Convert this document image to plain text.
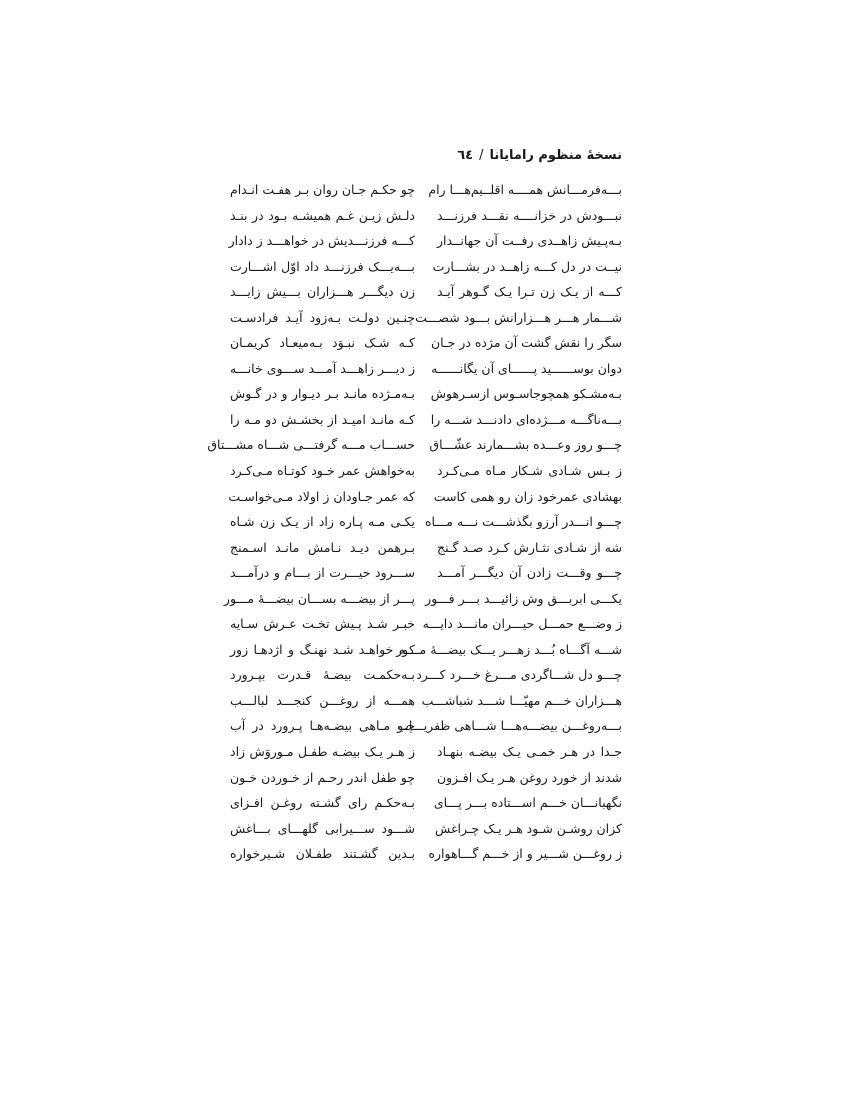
نسخهٔ منظوم رامایانا/٦٤
بـــه‌فرمـــانش همــــه اقلــیم‌هـــا رام
نبـــودش در خزانــــه نقـــد فرزنـــد
بـه‌پـیش زاهــدی رفــت آن جهانــدار
نیــت در دل کـــه زاهــد در بشـــارت
کـــه از یـک زن تـرا یـک گـوهر آیـد
شـــمار هـــر هـــزارانش بـــود شصـــت
سگر را نقش گشت آن مژده در جـان
دوان بوســــــید پــــــای آن یگانــــــه
بـه‌مشـکو همچوجاسـوس ازسـرهوش
بـــه‌ناگـــه مـــژده‌ای دادنـــد شـــه را
چـــو روز وعـــده بشـــمارند عشّـــاق
ز بـس شـادی شـکار مـاه مـی‌کـرد
بهشادی عمرخود زان رو همی کاست
چـــو انـــدر آرزو بگذشـــت نـــه مـــاه
شه از شـادی نثـارش کـرد صـد گـنج
چـــو وقـــت زادن آن دیگـــر آمـــد
یکـــی ابربـــق وش زائیـــد بـــر فـــور
ز وضـــع حمـــل حیـــران مانـــد دایـــه
شـــه آگـــاه بُـــد زهـــر یـــک بیضـــهٔ مـــور
چـــو دل شـــاگردی مـــرغ خـــرد کـــرد
هـــزاران خـــم مهیّـــا شـــد شباشـــب
بـــه‌روغـــن بیضـــه‌هـــا شـــاهی ظفریـــاب
جـدا در هـر خمـی یـک بیضـه بنهـاد
شدند از خورد روغن هـر یـک افـزون
نگهبانـــان خـــم اســـتاده بـــر پـــای
کزان روشـن شـود هـر یـک چـراغش
ز روغـــن شـــیر و از خـــم گـــاهواره
چو حکـم جـان روان بـر هفـت انـدام
دلـش زیـن غـم همیشـه بـود در بنـد
کـــه فرزنـــدیش در خواهـــد ز دادار
بـــه‌یـــک فرزنـــد داد اوّل اشـــارت
زن دیگـــر هـــزاران بـــیش زایـــد
چنـین دولـت بـه‌زود آیـد فرادسـت
کـه شـک نبـوَد بـه‌میعـاد کریمـان
ز دیـــر زاهـــد آمـــد ســـوی خانـــه
بـه‌مـژده مانـد بـر دیـوار و در گـوش
کـه مانـد امیـد از بخشـش دو مـه را
حســـاب مـــه گرفتـــی شـــاه مشـــتاق
به‌خواهش عمر خـود کوتـاه مـی‌کـرد
که عمر جـاودان ز اولاد مـی‌خواسـت
یکـی مـه پـاره زاد از یـک زن شـاه
بـرهمن دیـد نـامش مانـد اسـمنج
ســـرود حیـــرت از بـــام و درآمـــد
پـــر از بیضـــه بســـان بیضـــهٔ مـــور
خبـر شـد پـیش تخـت عـرش سـایه
کـه خواهـد شـد نهنـگ و اژدهـا زور
بـه‌حکمـت بیضـهٔ قـدرت بپـرورد
همـــه از روغـــن کنجـــد لبالـــب
چـو مـاهی بیضـه‌هـا پـرورد در آب
ز هـر یـک بیضـه طفـل مـوروَش زاد
چو طفل اندر رحـم از خـوردن خـون
بـه‌حکـم رای گشـته روغـن افـزای
شـــود ســـیرابی گلهـــای بـــاغش
بـدین گشـتند طفـلان شـیرخواره
